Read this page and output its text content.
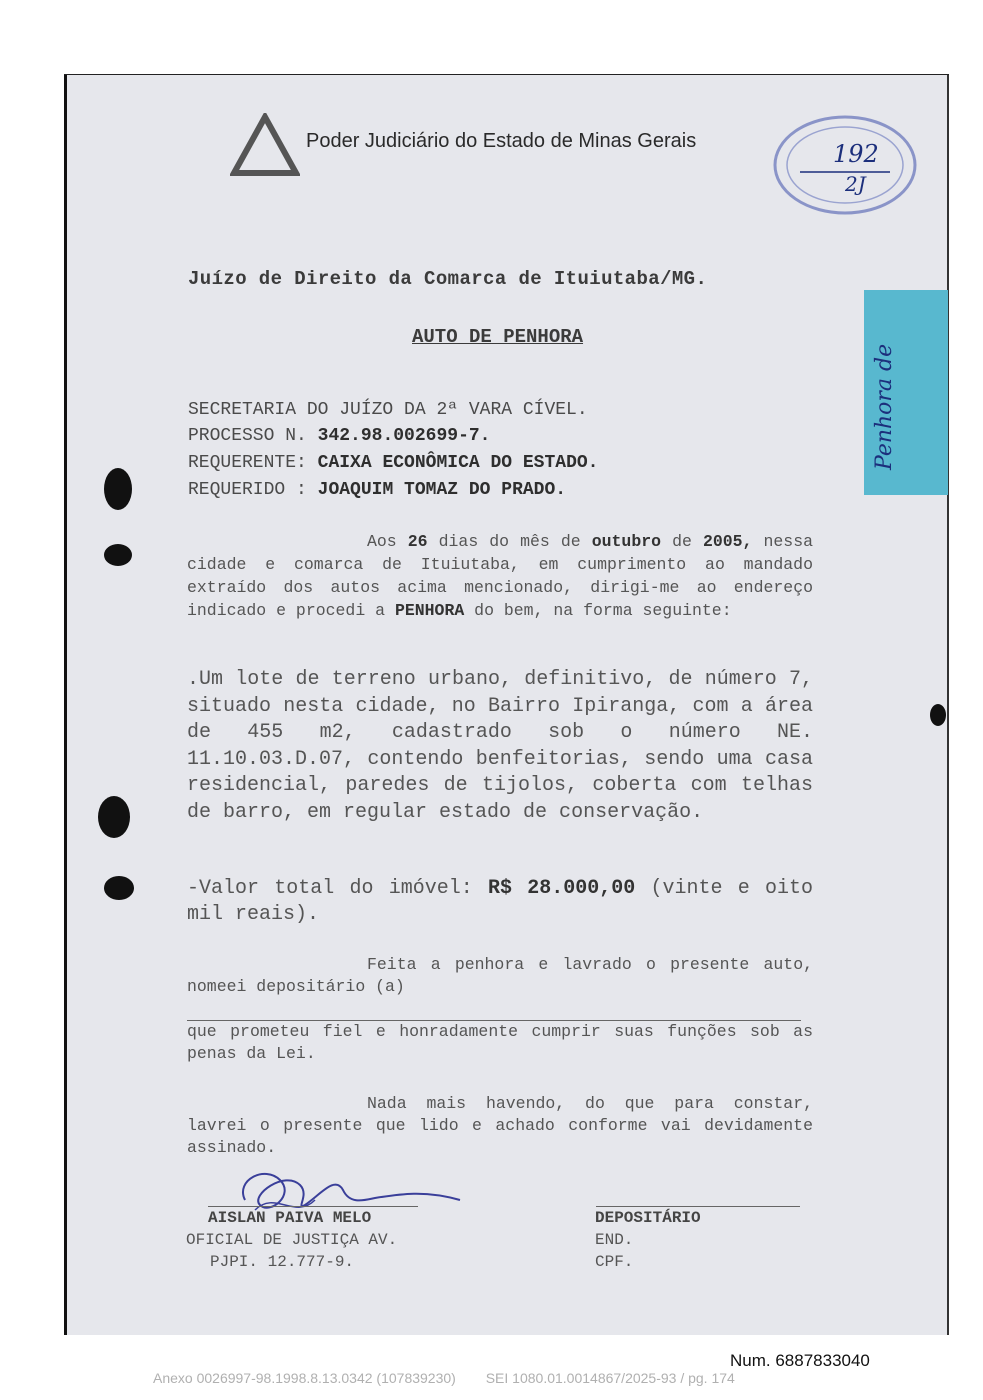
Poder Judiciário do Estado de Minas Gerais	192
2J
Penhora de
Juízo de Direito da Comarca de Ituiutaba/MG.
AUTO DE PENHORA
SECRETARIA DO JUÍZO DA 2ª VARA CÍVEL.
PROCESSO N. 342.98.002699-7.
REQUERENTE: CAIXA ECONÔMICA DO ESTADO.
REQUERIDO : JOAQUIM TOMAZ DO PRADO.
Aos 26 dias do mês de outubro de 2005, nessa cidade e comarca de Ituiutaba, em cumprimento ao mandado extraído dos autos acima mencionado, dirigi-me ao endereço indicado e procedi a PENHORA do bem, na forma seguinte:
.Um lote de terreno urbano, definitivo, de número 7, situado nesta cidade, no Bairro Ipiranga, com a área de 455 m2, cadastrado sob o número NE. 11.10.03.D.07, contendo benfeitorias, sendo uma casa residencial, paredes de tijolos, coberta com telhas de barro, em regular estado de conservação.
-Valor total do imóvel: R$ 28.000,00 (vinte e oito mil reais).
Feita a penhora e lavrado o presente auto, nomeei depositário (a)
que prometeu fiel e honradamente cumprir suas funções sob as penas da Lei.
Nada mais havendo, do que para constar, lavrei o presente que lido e achado conforme vai devidamente assinado.
AISLAN PAIVA MELO
OFICIAL DE JUSTIÇA AV.
PJPI. 12.777-9.
DEPOSITÁRIO
END.
CPF.
Num. 6887833040
Anexo 0026997-98.1998.8.13.0342 (107839230) SEI 1080.01.0014867/2025-93 / pg. 174
